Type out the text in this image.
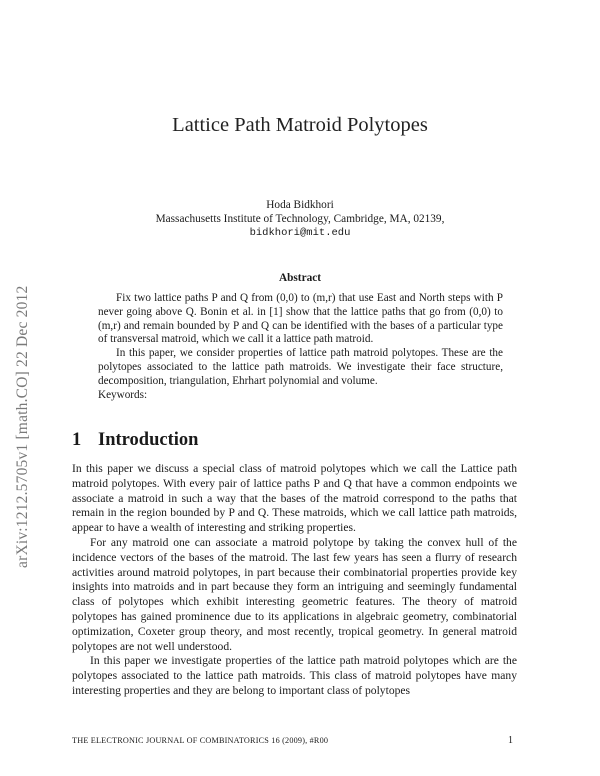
arXiv:1212.5705v1 [math.CO] 22 Dec 2012
Lattice Path Matroid Polytopes
Hoda Bidkhori
Massachusetts Institute of Technology, Cambridge, MA, 02139,
bidkhori@mit.edu
Abstract

Fix two lattice paths P and Q from (0,0) to (m,r) that use East and North steps with P never going above Q. Bonin et al. in [1] show that the lattice paths that go from (0,0) to (m,r) and remain bounded by P and Q can be identified with the bases of a particular type of transversal matroid, which we call it a lattice path matroid.

In this paper, we consider properties of lattice path matroid polytopes. These are the polytopes associated to the lattice path matroids. We investigate their face structure, decomposition, triangulation, Ehrhart polynomial and volume.

Keywords:

1 Introduction

In this paper we discuss a special class of matroid polytopes which we call the Lattice path matroid polytopes. With every pair of lattice paths P and Q that have a common endpoints we associate a matroid in such a way that the bases of the matroid correspond to the paths that remain in the region bounded by P and Q. These matroids, which we call lattice path matroids, appear to have a wealth of interesting and striking properties.

For any matroid one can associate a matroid polytope by taking the convex hull of the incidence vectors of the bases of the matroid. The last few years has seen a flurry of research activities around matroid polytopes, in part because their combinatorial properties provide key insights into matroids and in part because they form an intriguing and seemingly fundamental class of polytopes which exhibit interesting geometric features. The theory of matroid polytopes has gained prominence due to its applications in algebraic geometry, combinatorial optimization, Coxeter group theory, and most recently, tropical geometry. In general matroid polytopes are not well understood.

In this paper we investigate properties of the lattice path matroid polytopes which are the polytopes associated to the lattice path matroids. This class of matroid polytopes have many interesting properties and they are belong to important class of polytopes

THE ELECTRONIC JOURNAL OF COMBINATORICS 16 (2009), #R00	1
